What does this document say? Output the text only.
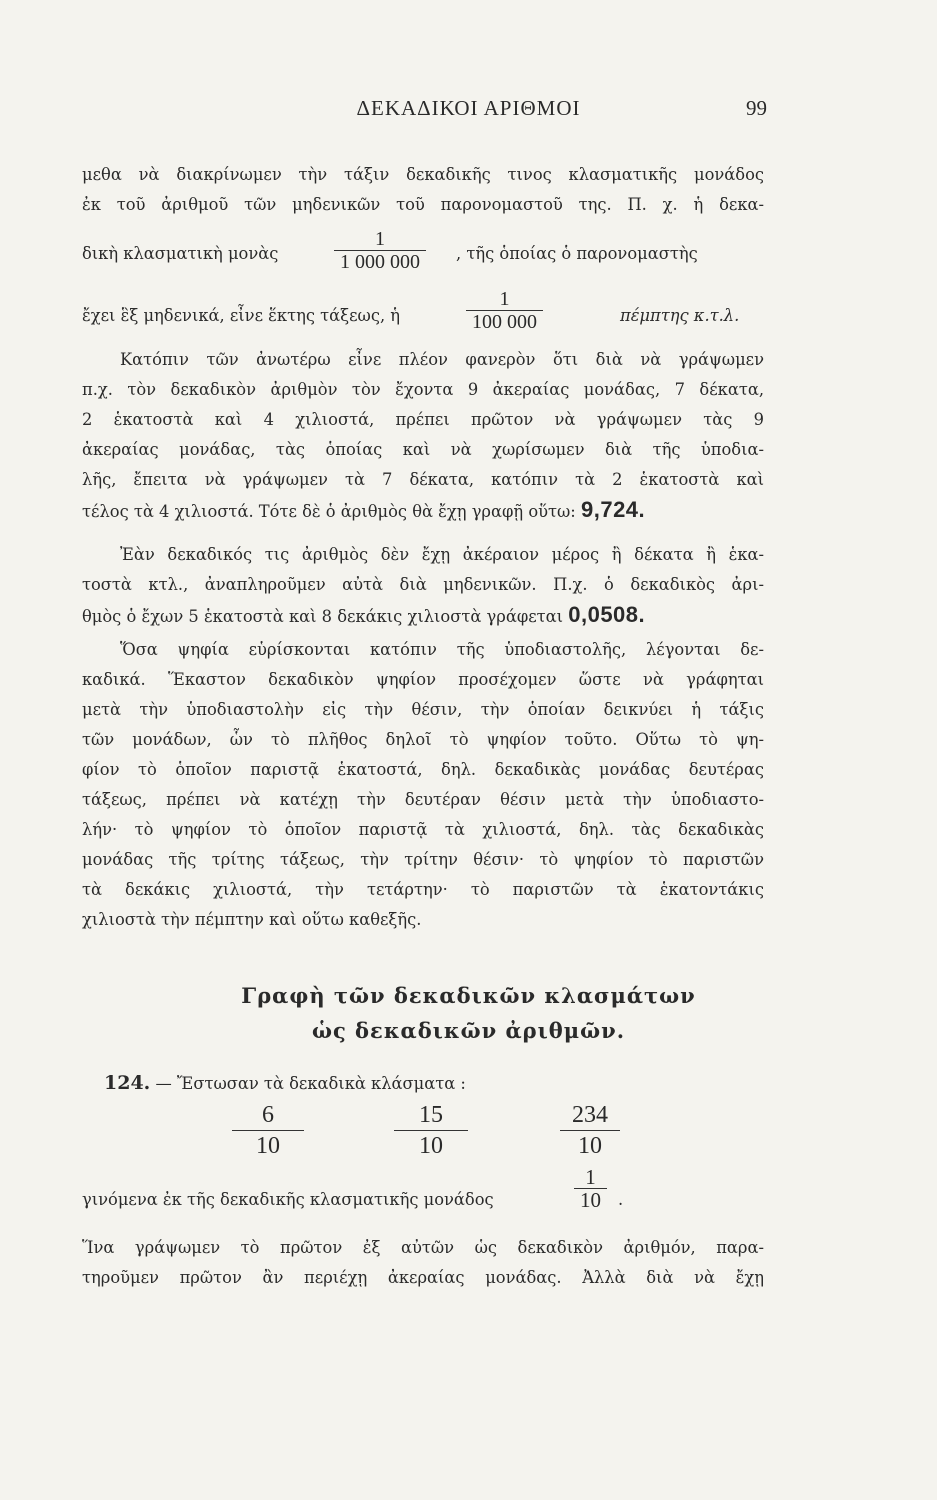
ΔΕΚΑΔΙΚΟΙ ΑΡΙΘΜΟΙ	99
μεθα νὰ διακρίνωμεν τὴν τάξιν δεκαδικῆς τινος κλασματικῆς μονάδος
ἐκ τοῦ ἀριθμοῦ τῶν μηδενικῶν τοῦ παρονομαστοῦ της. Π. χ. ἡ δεκα-
δικὴ κλασματικὴ μονὰς	$\frac{1}{1 000 000}$ , τῆς ὁποίας ὁ παρονομαστὴς
ἔχει ἓξ μηδενικά, εἶνε ἕκτης τάξεως, ἡ	$\frac{1}{100 000}$	πέμπτης κ.τ.λ.
Κατόπιν τῶν ἀνωτέρω εἶνε πλέον φανερὸν ὅτι διὰ νὰ γράψωμεν
π.χ. τὸν δεκαδικὸν ἀριθμὸν τὸν ἔχοντα 9 ἀκεραίας μονάδας, 7 δέκατα,
2 ἑκατοστὰ καὶ 4 χιλιοστά, πρέπει πρῶτον νὰ γράψωμεν τὰς 9
ἀκεραίας μονάδας, τὰς ὁποίας καὶ νὰ χωρίσωμεν διὰ τῆς ὑποδια-
λῆς, ἔπειτα νὰ γράψωμεν τὰ 7 δέκατα, κατόπιν τὰ 2 ἑκατοστὰ καὶ
τέλος τὰ 4 χιλιοστά. Τότε δὲ ὁ ἀριθμὸς θὰ ἔχῃ γραφῇ οὕτω: 9,724.
Ἐὰν δεκαδικός τις ἀριθμὸς δὲν ἔχῃ ἀκέραιον μέρος ἢ δέκατα ἢ ἑκα-
τοστὰ κτλ., ἀναπληροῦμεν αὐτὰ διὰ μηδενικῶν. Π.χ. ὁ δεκαδικὸς ἀρι-
θμὸς ὁ ἔχων 5 ἑκατοστὰ καὶ 8 δεκάκις χιλιοστὰ γράφεται 0,0508.
Ὅσα ψηφία εὑρίσκονται κατόπιν τῆς ὑποδιαστολῆς, λέγονται δε-
καδικά. Ἕκαστον δεκαδικὸν ψηφίον προσέχομεν ὥστε νὰ γράφηται
μετὰ τὴν ὑποδιαστολὴν εἰς τὴν θέσιν, τὴν ὁποίαν δεικνύει ἡ τάξις
τῶν μονάδων, ὧν τὸ πλῆθος δηλοῖ τὸ ψηφίον τοῦτο. Οὕτω τὸ ψη-
φίον τὸ ὁποῖον παριστᾷ ἑκατοστά, δηλ. δεκαδικὰς μονάδας δευτέρας
τάξεως, πρέπει νὰ κατέχῃ τὴν δευτέραν θέσιν μετὰ τὴν ὑποδιαστο-
λήν· τὸ ψηφίον τὸ ὁποῖον παριστᾷ τὰ χιλιοστά, δηλ. τὰς δεκαδικὰς
μονάδας τῆς τρίτης τάξεως, τὴν τρίτην θέσιν· τὸ ψηφίον τὸ παριστῶν
τὰ δεκάκις χιλιοστά, τὴν τετάρτην· τὸ παριστῶν τὰ ἑκατοντάκις
χιλιοστὰ τὴν πέμπτην καὶ οὕτω καθεξῆς.
Γραφὴ τῶν δεκαδικῶν κλασμάτων
ὡς δεκαδικῶν ἀριθμῶν.
124. — Ἔστωσαν τὰ δεκαδικὰ κλάσματα :
$\frac{6}{10}$	$\frac{15}{10}$	$\frac{234}{10}$
γινόμενα ἐκ τῆς δεκαδικῆς κλασματικῆς μονάδος	$\frac{1}{10}$ .
Ἵνα γράψωμεν τὸ πρῶτον ἐξ αὐτῶν ὡς δεκαδικὸν ἀριθμόν, παρα-
τηροῦμεν πρῶτον ἂν περιέχῃ ἀκεραίας μονάδας. Ἀλλὰ διὰ νὰ ἔχῃ
